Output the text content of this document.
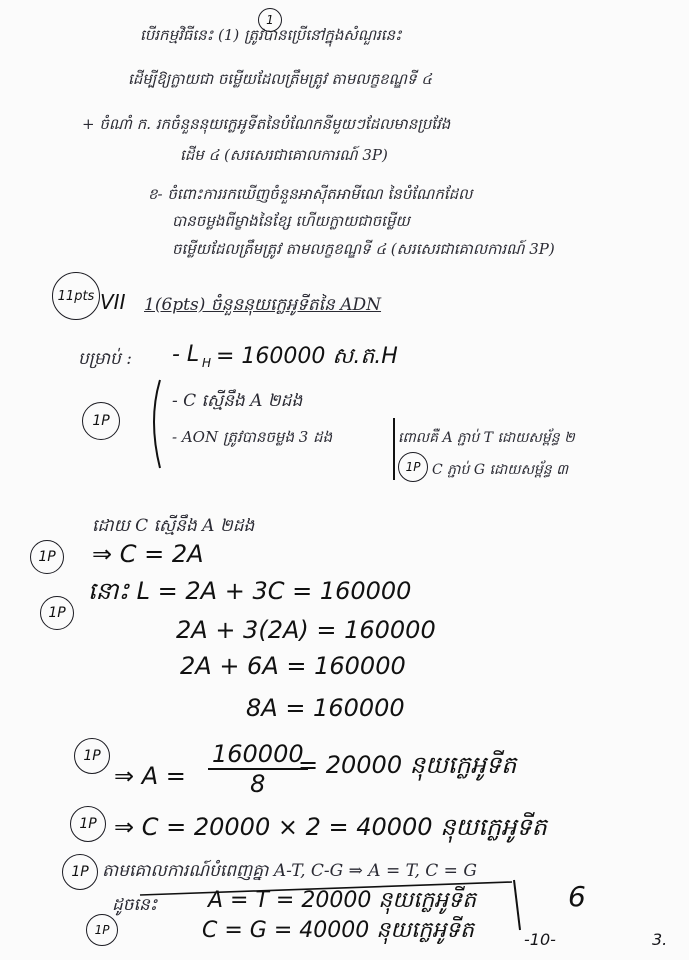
បើរកម្មវិធីនេះ (1) ត្រូវបានប្រើនៅក្នុងសំណួរនេះ
1
ដើម្បីឱ្យក្លាយជា ចម្លើយដែលត្រឹមត្រូវ តាមលក្ខខណ្ឌទី ៤
+ ចំណាំ ក. រកចំនួននុយក្លេអូទីតនៃបំណែកនីមួយៗដែលមានប្រវែង
ដើម ៤ (សរសេរជាគោលការណ៍ 3P)
ខ- ចំពោះការរកឃើញចំនួនអាស៊ីតអាមីណេ នៃបំណែកដែល
បានចម្លងពីម្ខាងនៃខ្សែ ហើយក្លាយជាចម្លើយ
ចម្លើយដែលត្រឹមត្រូវ តាមលក្ខខណ្ឌទី ៤ (សរសេរជាគោលការណ៍ 3P)
11pts VII 1(6pts) ចំនួននុយក្លេអូទីតនៃ ADN
បម្រាប់ : - L H = 160000 ស.ត.H
- C ស្មើនឹង A ២ដង
- AON ត្រូវបានចម្លង 3 ដង	ពោលគឺ A ភ្ជាប់ T ដោយសម្ព័ន្ធ ២
C ភ្ជាប់ G ដោយសម្ព័ន្ធ ៣
1P
1P
ដោយ C ស្មើនឹង A ២ដង
1P	⇒ C = 2A
1P
នោះ L = 2A + 3C = 160000
2A + 3(2A) = 160000
2A + 6A = 160000
8A = 160000
1P
⇒ $A = \frac{160000}{8}$
= 20000 នុយក្លេអូទីត
1P ⇒ C = 20000 × 2 = 40000 នុយក្លេអូទីត
1P តាមគោលការណ៍បំពេញគ្នា A-T, C-G ⇒ A = T, C = G
ដូចនេះ A = T = 20000 នុយក្លេអូទីត
C = G = 40000 នុយក្លេអូទីត
1P
6
-10-	3.
